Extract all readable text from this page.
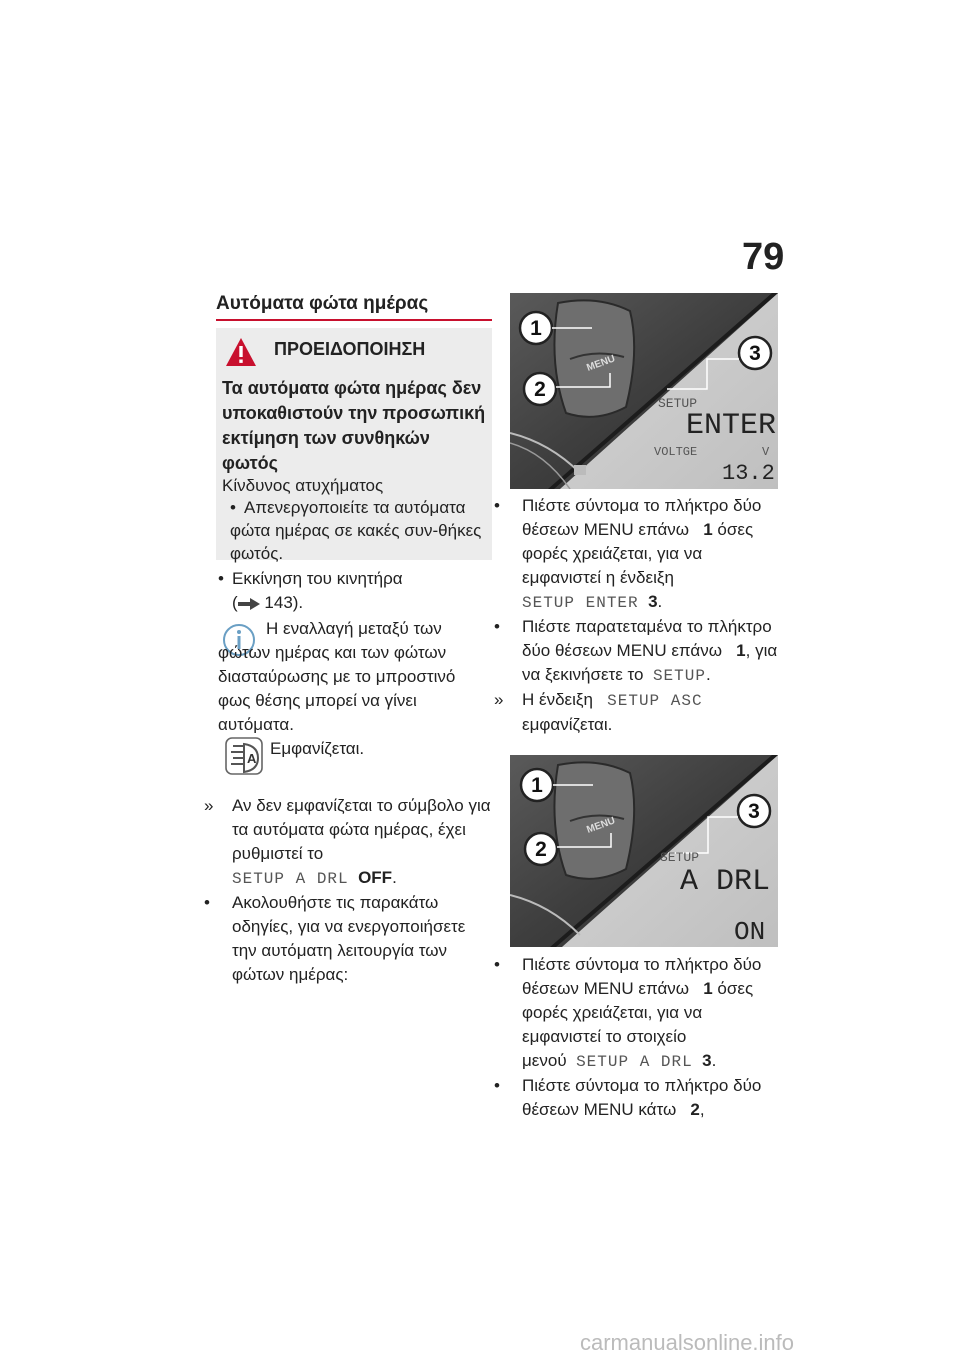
79
Αυτόματα φώτα ημέρας
ΠΡΟΕΙΔΟΠΟΙΗΣΗ
Τα αυτόματα φώτα ημέρας δεν υποκαθιστούν την προσωπική εκτίμηση των συνθηκών φωτός
Κίνδυνος ατυχήματος
• Απενεργοποιείτε τα αυτόματα φώτα ημέρας σε κακές συν-θήκες φωτός.
• Εκκίνηση του κινητήρα
( 143).
Η εναλλαγή μεταξύ των φώτων ημέρας και των φώτων διασταύρωσης με το μπροστινό φως θέσης μπορεί να γίνει αυτόματα.
A
Εμφανίζεται.
» Αν δεν εμφανίζεται το σύμβολο για τα αυτόματα φώτα ημέρας, έχει ρυθμιστεί το
SETUP A DRL OFF.
• Ακολουθήστε τις παρακάτω οδηγίες, για να ενεργοποιήσετε την αυτόματη λειτουργία των φώτων ημέρας:
MENU
1
2
3
SETUP
ENTER
VOLTGE	V
13.2
• Πιέστε σύντομα το πλήκτρο δύο θέσεων MENU επάνω 1 όσες φορές χρειάζεται, για να εμφανιστεί η ένδειξη
SETUP ENTER 3.
• Πιέστε παρατεταμένα το πλήκτρο δύο θέσεων MENU επάνω 1, για να ξεκινήσετε το SETUP.
» Η ένδειξη SETUP ASC εμφανίζεται.
MENU
1
2
3
SETUP
A DRL
ON
• Πιέστε σύντομα το πλήκτρο δύο θέσεων MENU επάνω 1 όσες φορές χρειάζεται, για να εμφανιστεί το στοιχείο μενού SETUP A DRL 3.
• Πιέστε σύντομα το πλήκτρο δύο θέσεων MENU κάτω 2,
carmanualsonline.info
